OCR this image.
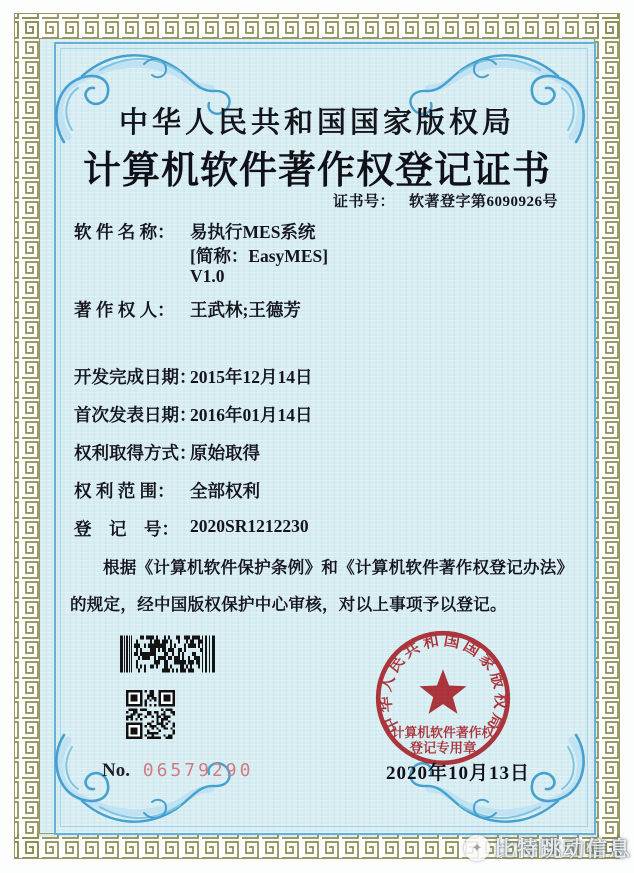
中华人民共和国国家版权局
计算机软件著作权登记证书
证书号： 软著登字第6090926号
软 件 名 称： 易执行MES系统
[简称：EasyMES]
V1.0
著 作 权 人： 王武林;王德芳
开发完成日期：
2015年12月14日
首次发表日期：
2016年01月14日
权利取得方式：
原始取得
权 利 范 围： 全部权利
登　记　号： 2020SR1212230
根据《计算机软件保护条例》和《计算机软件著作权登记办法》的规定，经中国版权保护中心审核，对以上事项予以登记。
No. 06579290
中华人民共和国国家版权局
计算机软件著作权
登记专用章
2020年10月13日
✦ 比特跳动信息
